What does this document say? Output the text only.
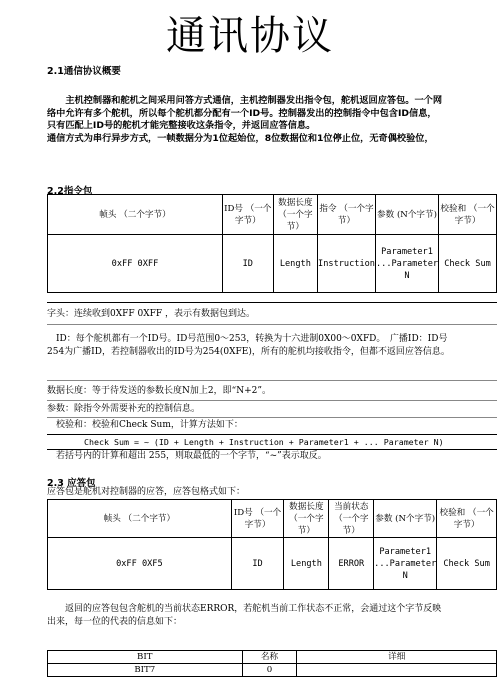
通讯协议
2.1通信协议概要
　　主机控制器和舵机之间采用问答方式通信，主机控制器发出指令包，舵机返回应答包。一个网
络中允许有多个舵机，所以每个舵机都分配有一个ID号。控制器发出的控制指令中包含ID信息，
只有匹配上ID号的舵机才能完整接收这条指令，并返回应答信息。
通信方式为串行异步方式，一帧数据分为1位起始位，8位数据位和1位停止位，无奇偶校验位，
2.2指令包
帧头 （二个字节）	ID号 （一个字节）	数据长度（一个字节）	指令 （一个字节）	参数 (N个字节)	校验和 （一个字节）
0xFF 0XFF	ID	Length	Instruction	Parameter1 ...Parameter N	Check Sum
字头：连续收到0XFF 0XFF ，表示有数据包到达。
　ID：每个舵机都有一个ID号。ID号范围0～253，转换为十六进制0X00～0XFD。　广播ID：ID号
254为广播ID，若控制器收出的ID号为254(0XFE)，所有的舵机均接收指令，但都不返回应答信息。
数据长度：等于待发送的参数长度N加上2，即“N+2”。
参数：除指令外需要补充的控制信息。
　校验和：校验和Check Sum，计算方法如下：
Check Sum = ~ (ID + Length + Instruction + Parameter1 + ... Parameter N)
　若括号内的计算和超出 255，则取最低的一个字节，“~”表示取反。
2.3 应答包
应答包是舵机对控制器的应答，应答包格式如下：
帧头 （二个字节）	ID号 （一个字节）	数据长度（一个字节）	当前状态（一个字节）	参数 (N个字节)	校验和 （一个字节）
0xFF 0XF5	ID	Length	ERROR	Parameter1 ...Parameter N	Check Sum
　　返回的应答包包含舵机的当前状态ERROR，若舵机当前工作状态不正常，会通过这个字节反映
出来，每一位的代表的信息如下：
BIT	名称	详细
BIT7	0	
